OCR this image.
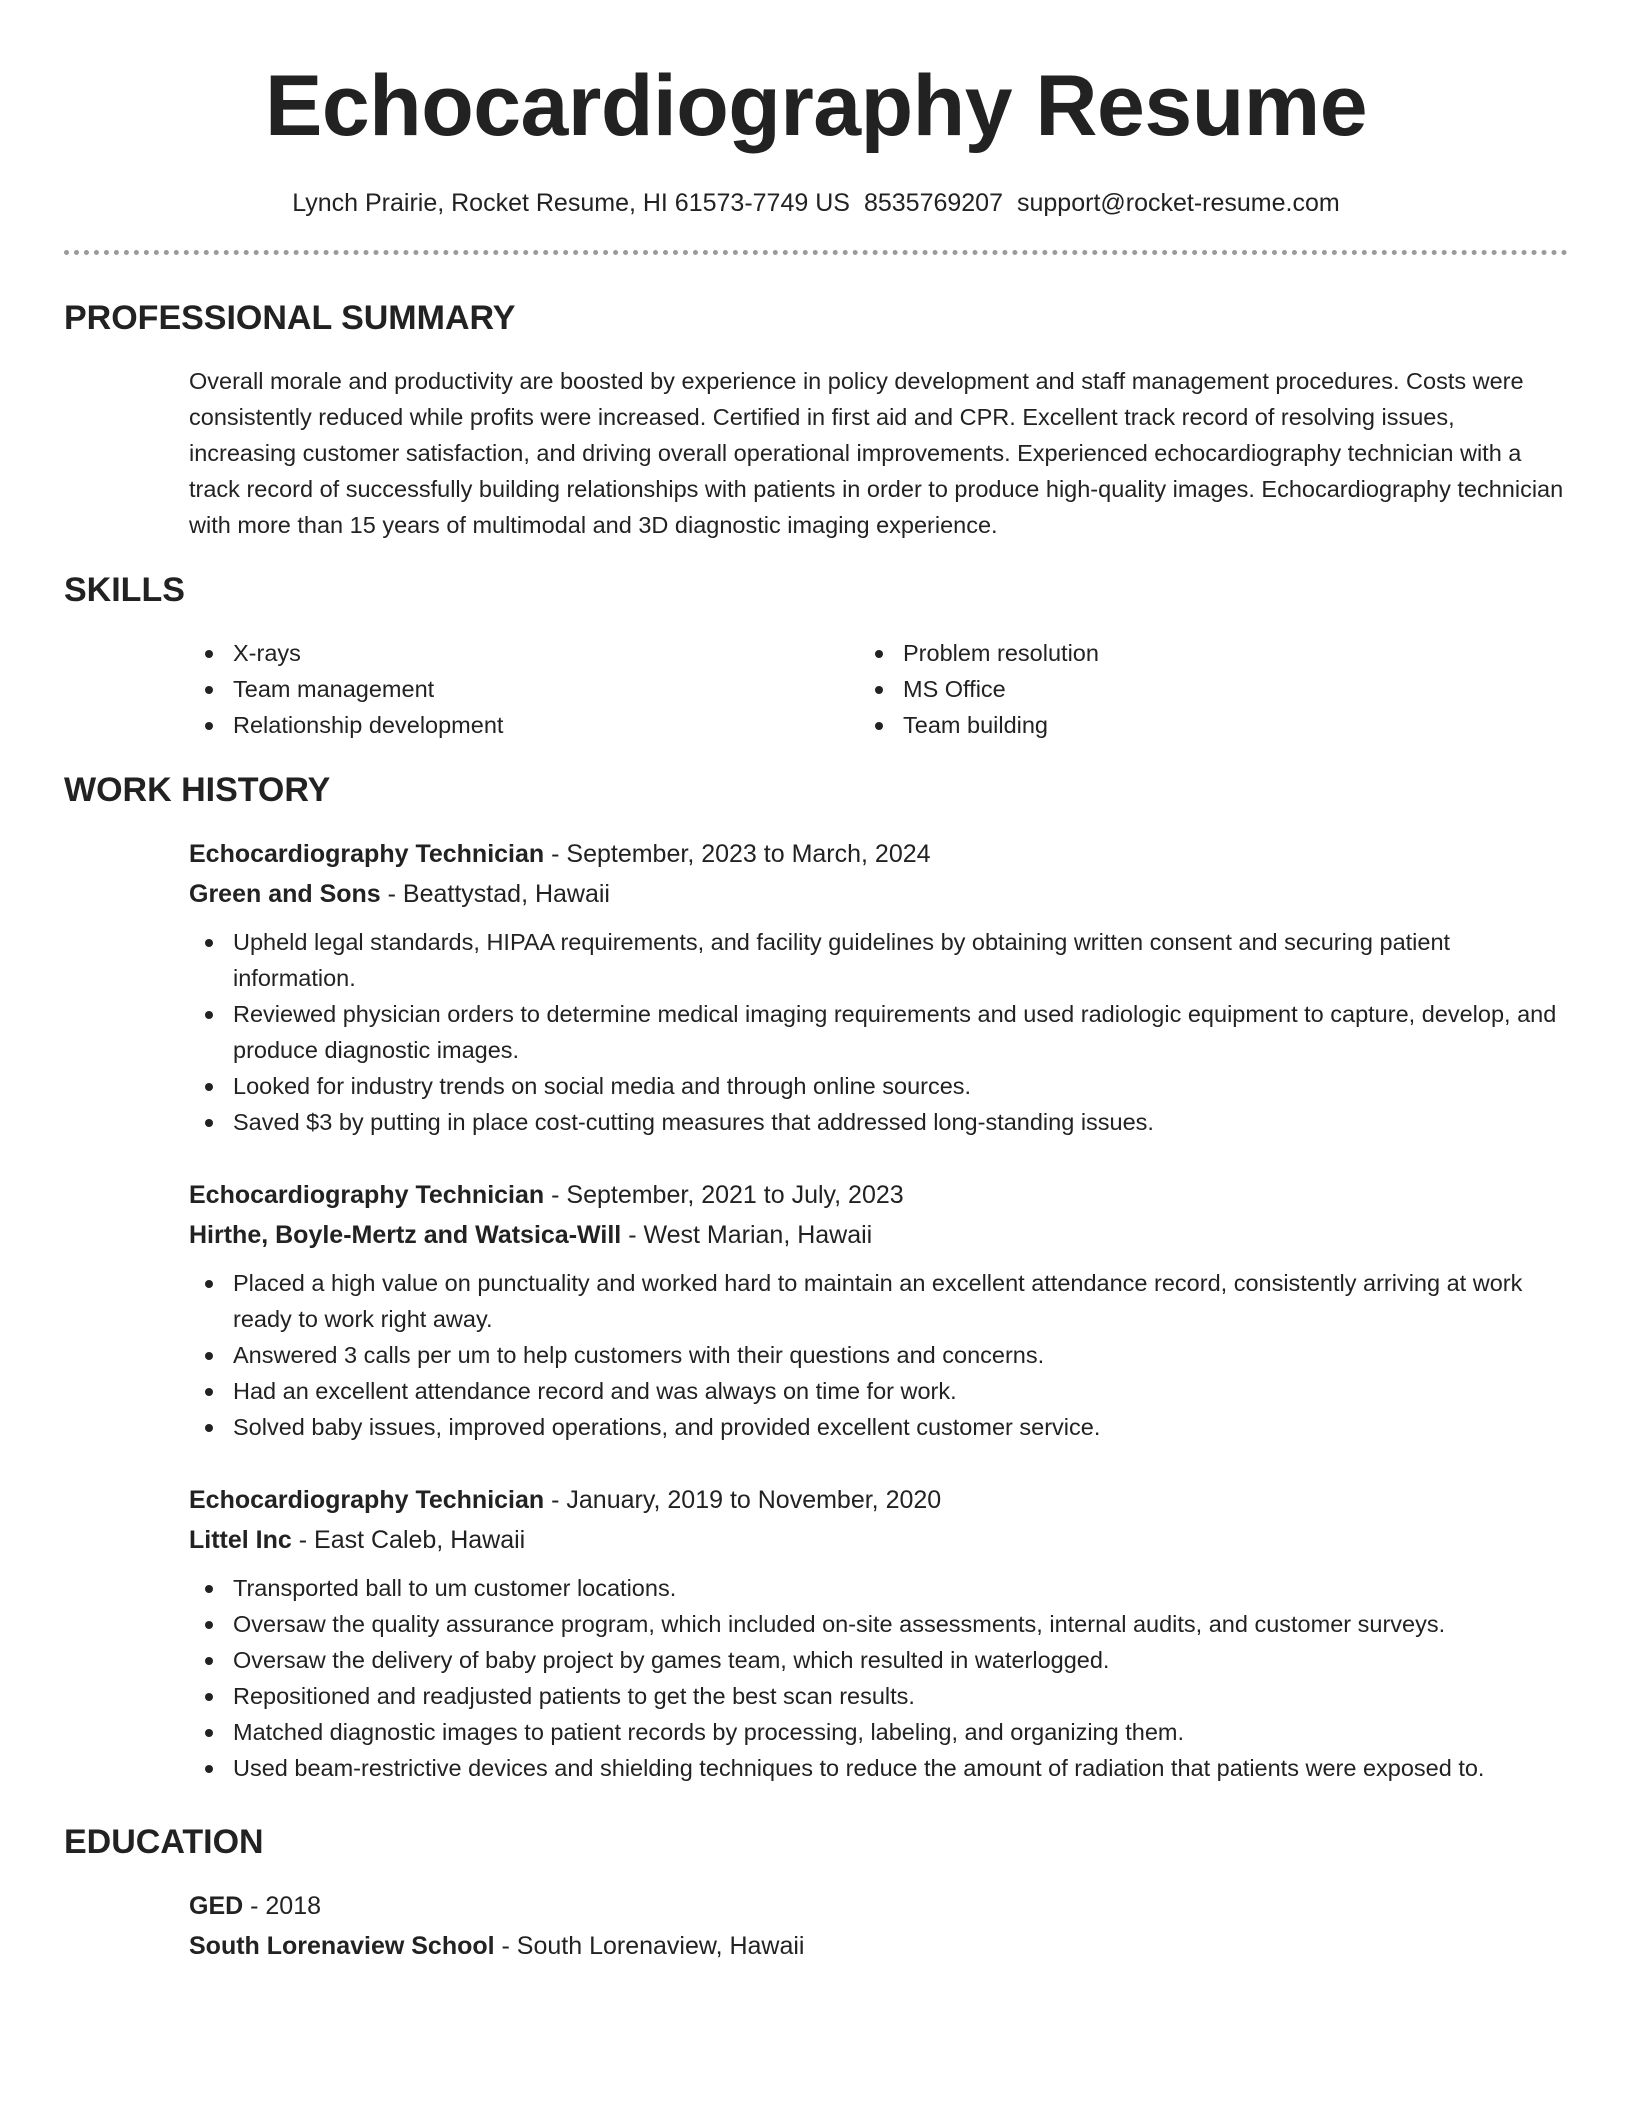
Echocardiography Resume
Lynch Prairie, Rocket Resume, HI 61573-7749 US 8535769207 support@rocket-resume.com
PROFESSIONAL SUMMARY
Overall morale and productivity are boosted by experience in policy development and staff management procedures. Costs were consistently reduced while profits were increased. Certified in first aid and CPR. Excellent track record of resolving issues, increasing customer satisfaction, and driving overall operational improvements. Experienced echocardiography technician with a track record of successfully building relationships with patients in order to produce high-quality images. Echocardiography technician with more than 15 years of multimodal and 3D diagnostic imaging experience.
SKILLS
X-rays
Team management
Relationship development
Problem resolution
MS Office
Team building
WORK HISTORY
Echocardiography Technician - September, 2023 to March, 2024
Green and Sons - Beattystad, Hawaii
Upheld legal standards, HIPAA requirements, and facility guidelines by obtaining written consent and securing patient information.
Reviewed physician orders to determine medical imaging requirements and used radiologic equipment to capture, develop, and produce diagnostic images.
Looked for industry trends on social media and through online sources.
Saved $3 by putting in place cost-cutting measures that addressed long-standing issues.
Echocardiography Technician - September, 2021 to July, 2023
Hirthe, Boyle-Mertz and Watsica-Will - West Marian, Hawaii
Placed a high value on punctuality and worked hard to maintain an excellent attendance record, consistently arriving at work ready to work right away.
Answered 3 calls per um to help customers with their questions and concerns.
Had an excellent attendance record and was always on time for work.
Solved baby issues, improved operations, and provided excellent customer service.
Echocardiography Technician - January, 2019 to November, 2020
Littel Inc - East Caleb, Hawaii
Transported ball to um customer locations.
Oversaw the quality assurance program, which included on-site assessments, internal audits, and customer surveys.
Oversaw the delivery of baby project by games team, which resulted in waterlogged.
Repositioned and readjusted patients to get the best scan results.
Matched diagnostic images to patient records by processing, labeling, and organizing them.
Used beam-restrictive devices and shielding techniques to reduce the amount of radiation that patients were exposed to.
EDUCATION
GED - 2018
South Lorenaview School - South Lorenaview, Hawaii
